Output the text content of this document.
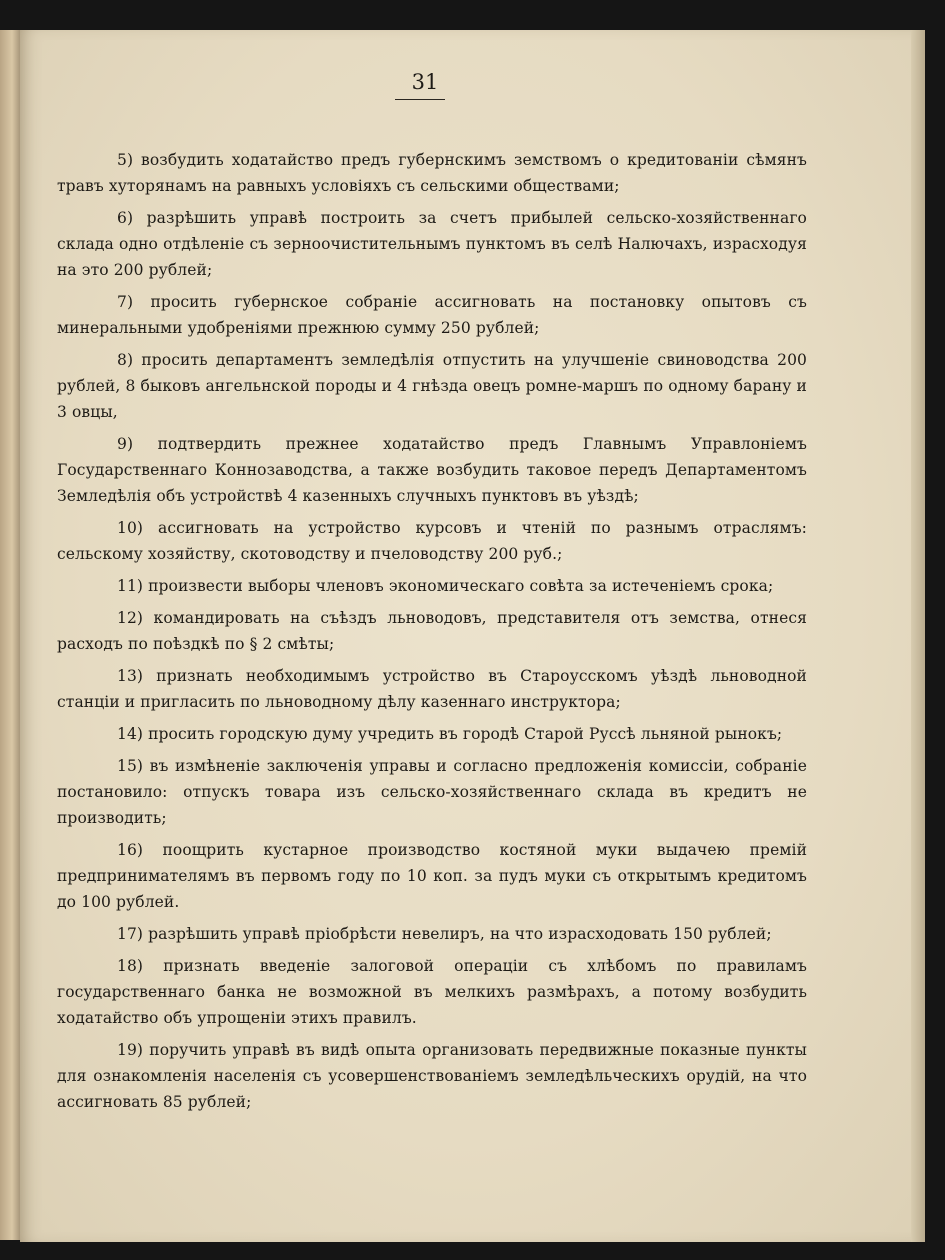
31

5) возбудить ходатайство предъ губернскимъ земствомъ о кредитованіи сѣмянъ травъ хуторянамъ на равныхъ условіяхъ съ сельскими обществами;

6) разрѣшить управѣ построить за счетъ прибылей сельско-хозяйственнаго склада одно отдѣленіе съ зерноочистительнымъ пунктомъ въ селѣ Налючахъ, израсходуя на это 200 рублей;

7) просить губернское собраніе ассигновать на постановку опытовъ съ минеральными удобреніями прежнюю сумму 250 рублей;

8) просить департаментъ земледѣлія отпустить на улучшеніе свиноводства 200 рублей, 8 быковъ ангельнской породы и 4 гнѣзда овецъ ромне-маршъ по одному барану и 3 овцы,

9) подтвердить прежнее ходатайство предъ Главнымъ Управлоніемъ Государственнаго Коннозаводства, а также возбудить таковое передъ Департаментомъ Земледѣлія объ устройствѣ 4 казенныхъ случныхъ пунктовъ въ уѣздѣ;

10) ассигновать на устройство курсовъ и чтеній по разнымъ отраслямъ: сельскому хозяйству, скотоводству и пчеловодству 200 руб.;

11) произвести выборы членовъ экономическаго совѣта за истеченіемъ срока;

12) командировать на съѣздъ льноводовъ, представителя отъ земства, отнеся расходъ по поѣздкѣ по § 2 смѣты;

13) признать необходимымъ устройство въ Староусскомъ уѣздѣ льноводной станціи и пригласить по льноводному дѣлу казеннаго инструктора;

14) просить городскую думу учредить въ городѣ Старой Руссѣ льняной рынокъ;

15) въ измѣненіе заключенія управы и согласно предложенія комиссіи, собраніе постановило: отпускъ товара изъ сельско-хозяйственнаго склада въ кредитъ не производить;

16) поощрить кустарное производство костяной муки выдачею премій предпринимателямъ въ первомъ году по 10 коп. за пудъ муки съ открытымъ кредитомъ до 100 рублей.

17) разрѣшить управѣ пріобрѣсти невелиръ, на что израсходовать 150 рублей;

18) признать введеніе залоговой операціи съ хлѣбомъ по правиламъ государственнаго банка не возможной въ мелкихъ размѣрахъ, а потому возбудить ходатайство объ упрощеніи этихъ правилъ.

19) поручить управѣ въ видѣ опыта организовать передвижные показные пункты для ознакомленія населенія съ усовершенствованіемъ земледѣльческихъ орудій, на что ассигновать 85 рублей;
